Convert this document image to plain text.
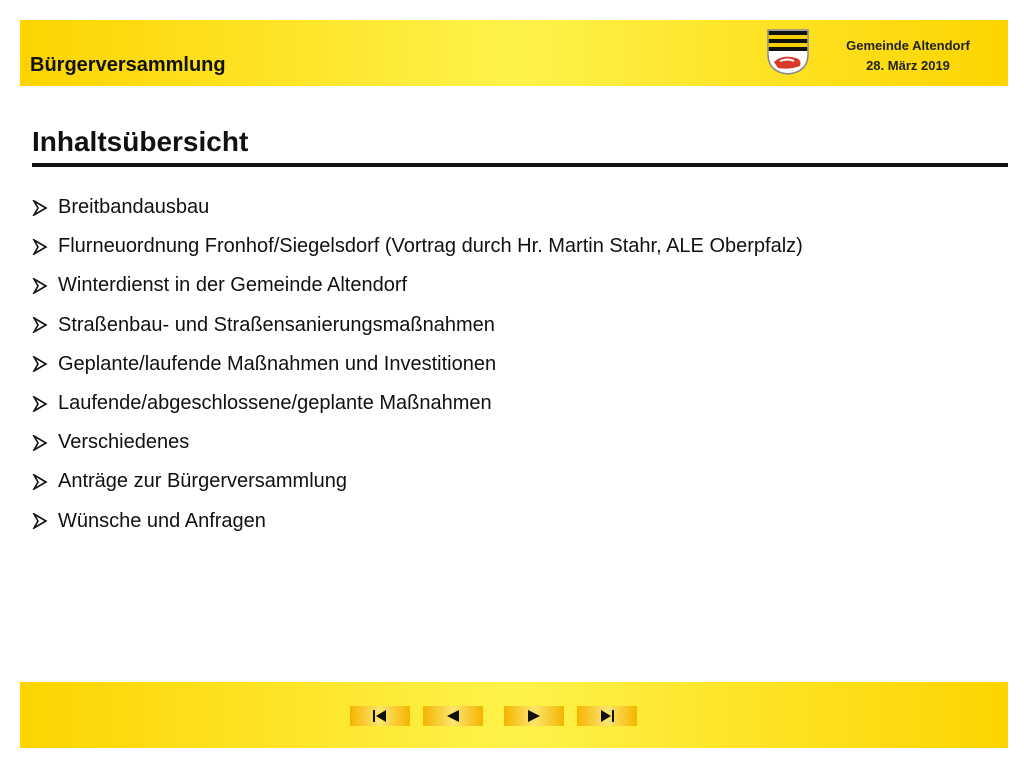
Bürgerversammlung
Gemeinde Altendorf
28. März 2019
Inhaltsübersicht
Breitbandausbau
Flurneuordnung Fronhof/Siegelsdorf (Vortrag durch Hr. Martin Stahr, ALE Oberpfalz)
Winterdienst in der Gemeinde Altendorf
Straßenbau- und Straßensanierungsmaßnahmen
Geplante/laufende Maßnahmen und Investitionen
Laufende/abgeschlossene/geplante Maßnahmen
Verschiedenes
Anträge zur Bürgerversammlung
Wünsche und Anfragen
